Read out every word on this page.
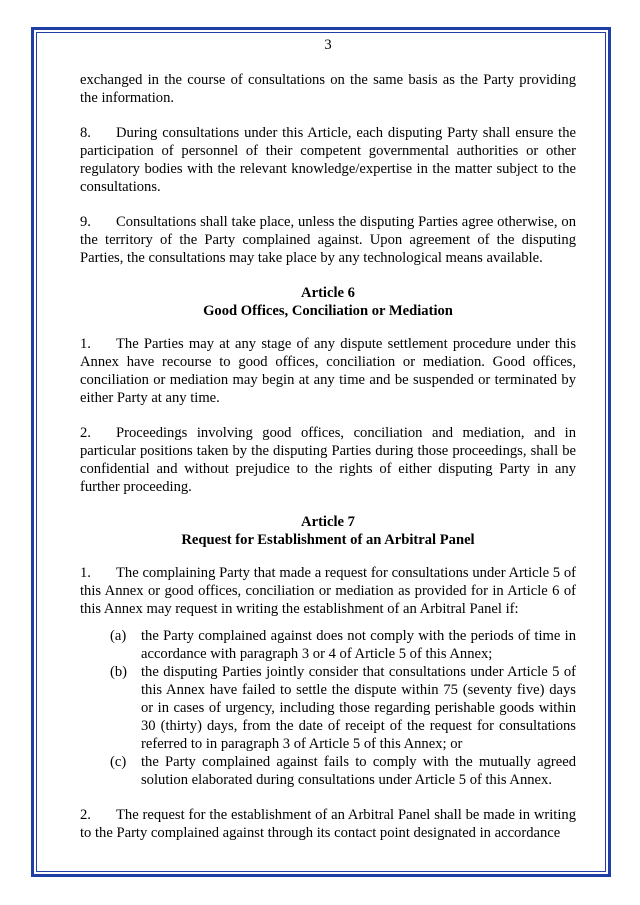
3

exchanged in the course of consultations on the same basis as the Party providing the information.

8. During consultations under this Article, each disputing Party shall ensure the participation of personnel of their competent governmental authorities or other regulatory bodies with the relevant knowledge/expertise in the matter subject to the consultations.

9. Consultations shall take place, unless the disputing Parties agree otherwise, on the territory of the Party complained against. Upon agreement of the disputing Parties, the consultations may take place by any technological means available.

Article 6
Good Offices, Conciliation or Mediation

1. The Parties may at any stage of any dispute settlement procedure under this Annex have recourse to good offices, conciliation or mediation. Good offices, conciliation or mediation may begin at any time and be suspended or terminated by either Party at any time.

2. Proceedings involving good offices, conciliation and mediation, and in particular positions taken by the disputing Parties during those proceedings, shall be confidential and without prejudice to the rights of either disputing Party in any further proceeding.

Article 7
Request for Establishment of an Arbitral Panel

1. The complaining Party that made a request for consultations under Article 5 of this Annex or good offices, conciliation or mediation as provided for in Article 6 of this Annex may request in writing the establishment of an Arbitral Panel if:

(a) the Party complained against does not comply with the periods of time in accordance with paragraph 3 or 4 of Article 5 of this Annex;
(b) the disputing Parties jointly consider that consultations under Article 5 of this Annex have failed to settle the dispute within 75 (seventy five) days or in cases of urgency, including those regarding perishable goods within 30 (thirty) days, from the date of receipt of the request for consultations referred to in paragraph 3 of Article 5 of this Annex; or
(c) the Party complained against fails to comply with the mutually agreed solution elaborated during consultations under Article 5 of this Annex.

2. The request for the establishment of an Arbitral Panel shall be made in writing to the Party complained against through its contact point designated in accordance
